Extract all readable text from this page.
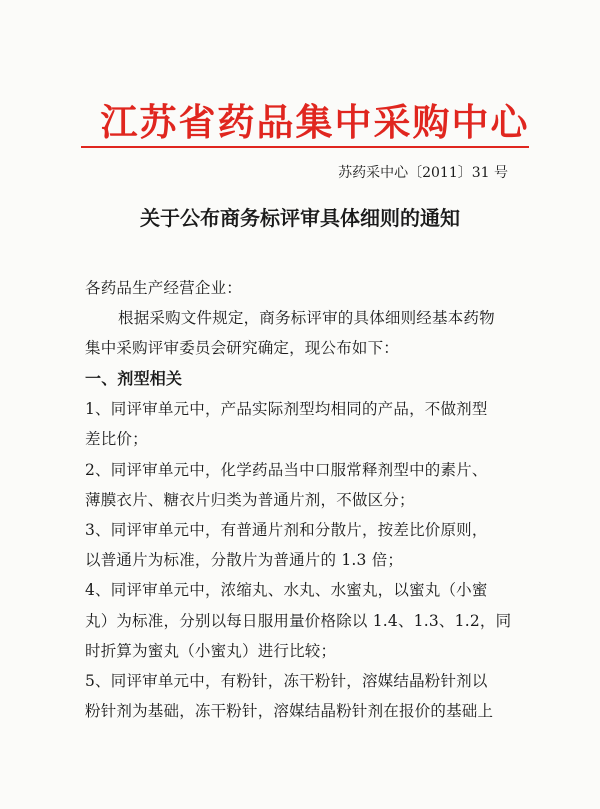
江苏省药品集中采购中心
苏药采中心〔2011〕31 号
关于公布商务标评审具体细则的通知
各药品生产经营企业：
根据采购文件规定，商务标评审的具体细则经基本药物
集中采购评审委员会研究确定，现公布如下：
一、剂型相关
1、同评审单元中，产品实际剂型均相同的产品，不做剂型
差比价；
2、同评审单元中，化学药品当中口服常释剂型中的素片、
薄膜衣片、糖衣片归类为普通片剂，不做区分；
3、同评审单元中，有普通片剂和分散片，按差比价原则，
以普通片为标准，分散片为普通片的 1.3 倍；
4、同评审单元中，浓缩丸、水丸、水蜜丸，以蜜丸（小蜜
丸）为标准，分别以每日服用量价格除以 1.4、1.3、1.2，同
时折算为蜜丸（小蜜丸）进行比较；
5、同评审单元中，有粉针，冻干粉针，溶媒结晶粉针剂以
粉针剂为基础，冻干粉针，溶媒结晶粉针剂在报价的基础上
